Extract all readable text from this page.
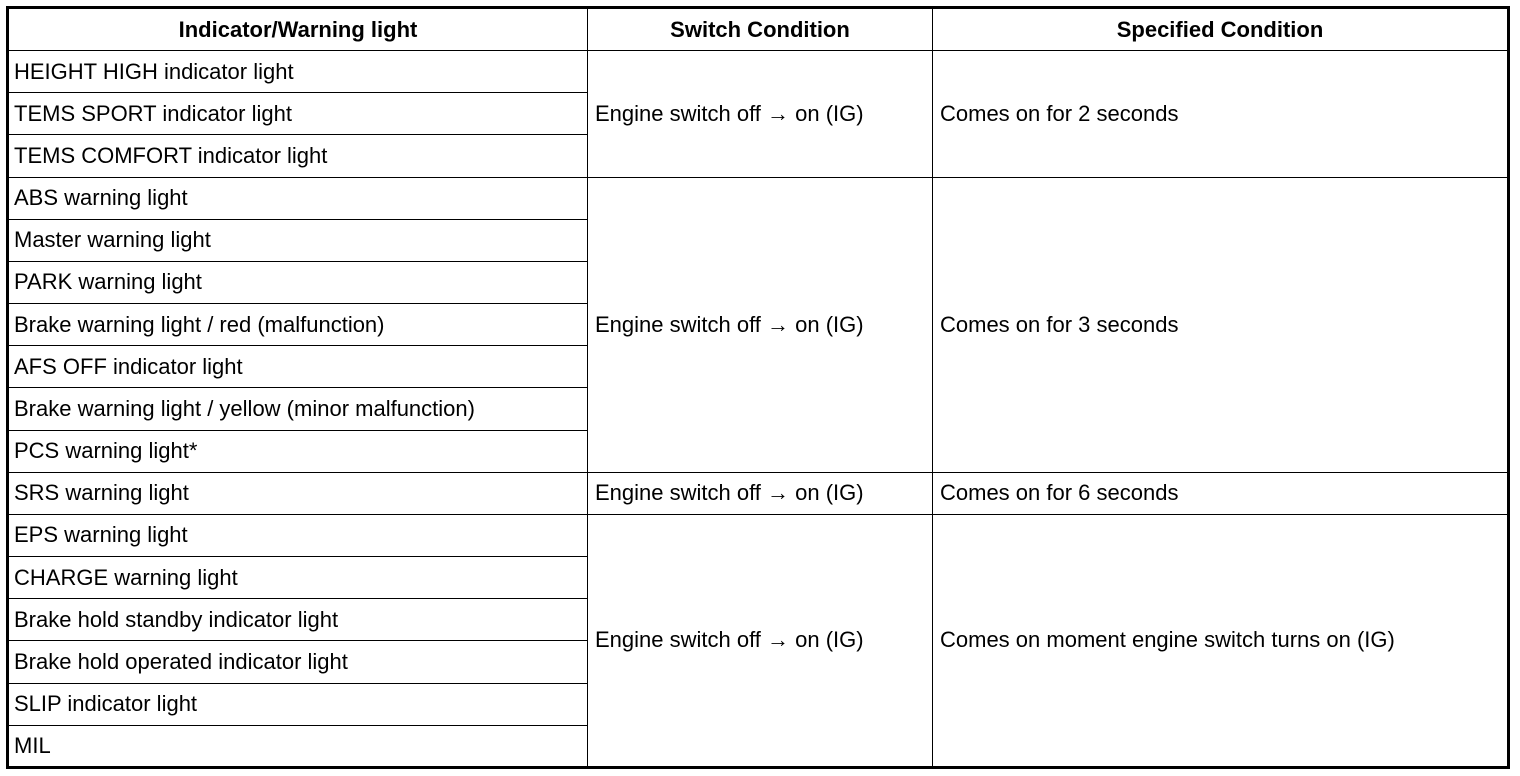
Indicator/Warning light	Switch Condition	Specified Condition
HEIGHT HIGH indicator light	Engine switch off → on (IG)	Comes on for 2 seconds
TEMS SPORT indicator light		
TEMS COMFORT indicator light		
ABS warning light	Engine switch off → on (IG)	Comes on for 3 seconds
Master warning light		
PARK warning light		
Brake warning light / red (malfunction)		
AFS OFF indicator light		
Brake warning light / yellow (minor malfunction)		
PCS warning light*		
SRS warning light	Engine switch off → on (IG)	Comes on for 6 seconds
EPS warning light	Engine switch off → on (IG)	Comes on moment engine switch turns on (IG)
CHARGE warning light		
Brake hold standby indicator light		
Brake hold operated indicator light		
SLIP indicator light		
MIL		
